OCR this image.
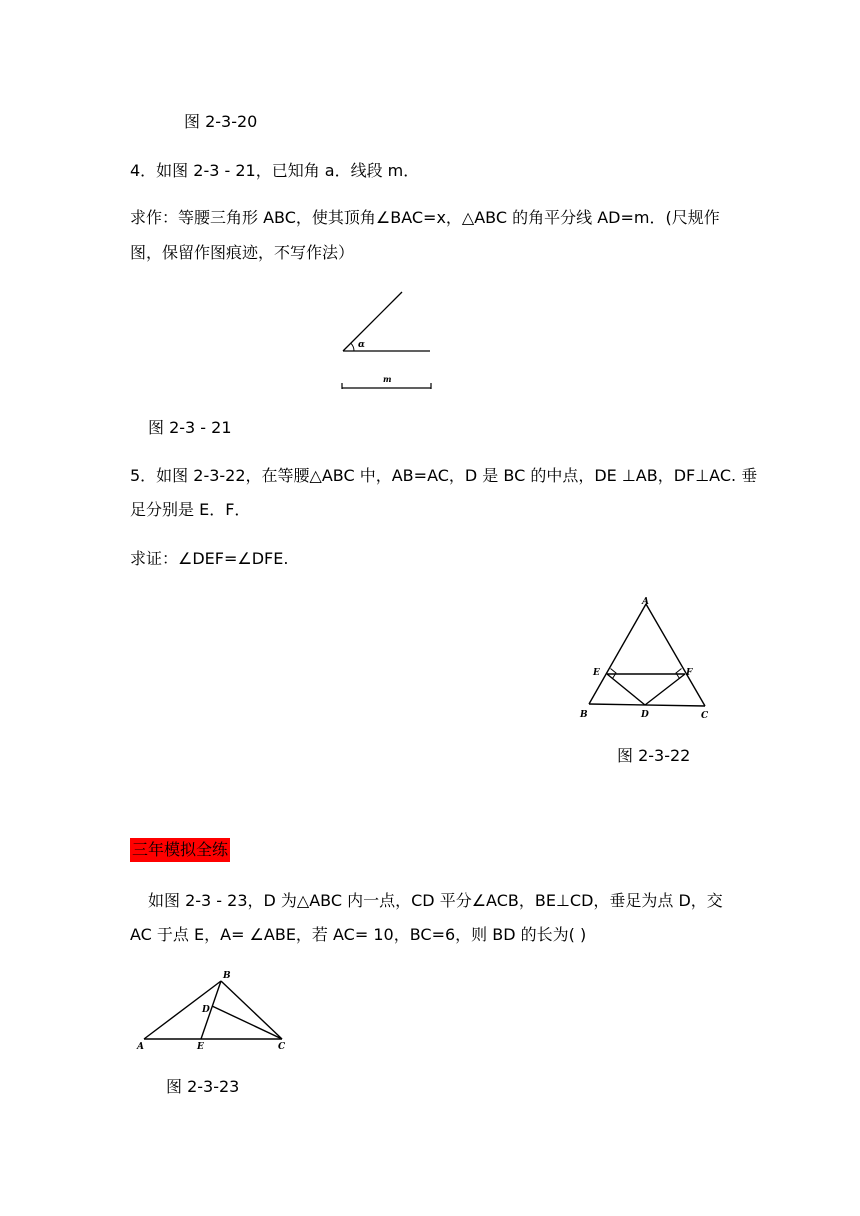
图 2-3-20
4．如图 2-3 - 21，已知角 a．线段 m．
求作：等腰三角形 ABC，使其顶角∠BAC=x，△ABC 的角平分线 AD=m．(尺规作
图，保留作图痕迹，不写作法）
α
m
图 2-3 - 21
5．如图 2-3-22，在等腰△ABC 中，AB=AC，D 是 BC 的中点，DE ⊥AB，DF⊥AC. 垂
足分别是 E．F．
求证：∠DEF=∠DFE.
A
B	C
D
E	F
图 2-3-22
三年模拟全练
如图 2-3 - 23，D 为△ABC 内一点，CD 平分∠ACB，BE⊥CD，垂足为点 D，交
AC 于点 E，A= ∠ABE，若 AC= 10，BC=6，则 BD 的长为( )
A
B
C
D
E
图 2-3-23
